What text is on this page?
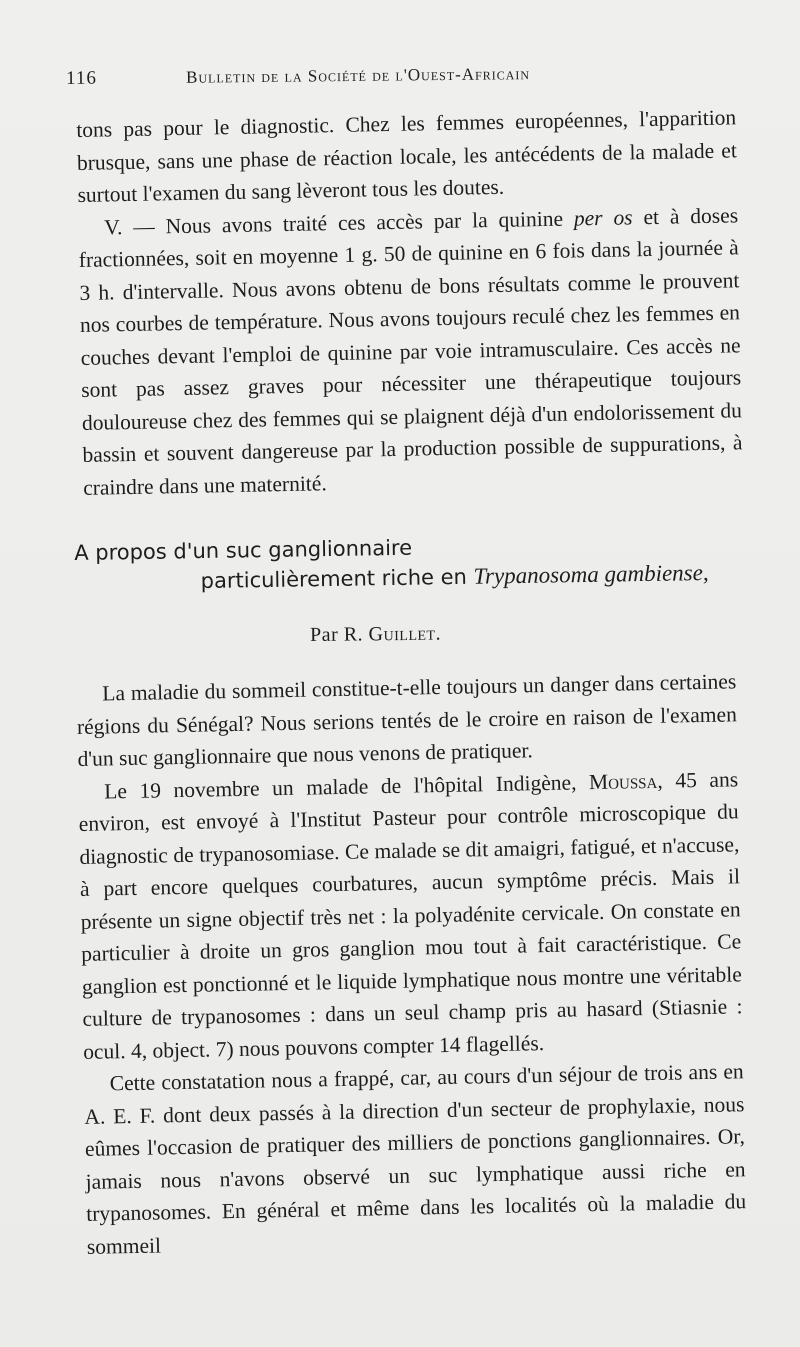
116	Bulletin de la Société de l'Ouest-Africain

tons pas pour le diagnostic. Chez les femmes européennes, l'apparition brusque, sans une phase de réaction locale, les antécédents de la malade et surtout l'examen du sang lèveront tous les doutes.

V. — Nous avons traité ces accès par la quinine per os et à doses fractionnées, soit en moyenne 1 g. 50 de quinine en 6 fois dans la journée à 3 h. d'intervalle. Nous avons obtenu de bons résultats comme le prouvent nos courbes de température. Nous avons toujours reculé chez les femmes en couches devant l'emploi de quinine par voie intramusculaire. Ces accès ne sont pas assez graves pour nécessiter une thérapeutique toujours douloureuse chez des femmes qui se plaignent déjà d'un endolorissement du bassin et souvent dangereuse par la production possible de suppurations, à craindre dans une maternité.

A propos d'un suc ganglionnaire
particulièrement riche en Trypanosoma gambiense,
Par R. Guillet.

La maladie du sommeil constitue-t-elle toujours un danger dans certaines régions du Sénégal? Nous serions tentés de le croire en raison de l'examen d'un suc ganglionnaire que nous venons de pratiquer.

Le 19 novembre un malade de l'hôpital Indigène, Moussa, 45 ans environ, est envoyé à l'Institut Pasteur pour contrôle microscopique du diagnostic de trypanosomiase. Ce malade se dit amaigri, fatigué, et n'accuse, à part encore quelques courbatures, aucun symptôme précis. Mais il présente un signe objectif très net : la polyadénite cervicale. On constate en particulier à droite un gros ganglion mou tout à fait caractéristique. Ce ganglion est ponctionné et le liquide lymphatique nous montre une véritable culture de trypanosomes : dans un seul champ pris au hasard (Stiasnie : ocul. 4, object. 7) nous pouvons compter 14 flagellés.

Cette constatation nous a frappé, car, au cours d'un séjour de trois ans en A. E. F. dont deux passés à la direction d'un secteur de prophylaxie, nous eûmes l'occasion de pratiquer des milliers de ponctions ganglionnaires. Or, jamais nous n'avons observé un suc lymphatique aussi riche en trypanosomes. En général et même dans les localités où la maladie du sommeil
